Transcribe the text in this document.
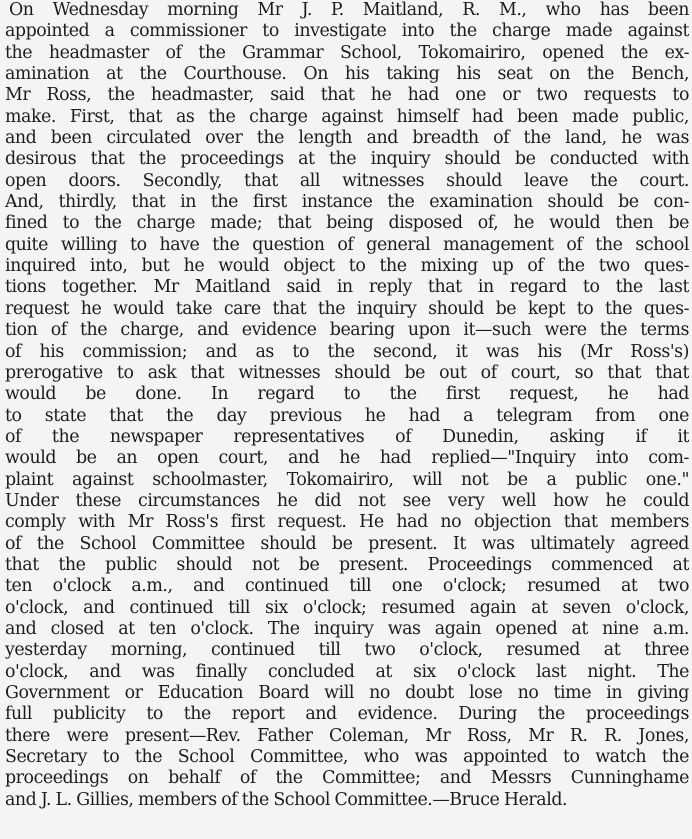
On Wednesday morning Mr J. P. Maitland, R. M., who has been
appointed a commissioner to investigate into the charge made against
the headmaster of the Grammar School, Tokomairiro, opened the ex-
amination at the Courthouse. On his taking his seat on the Bench,
Mr Ross, the headmaster, said that he had one or two requests to
make. First, that as the charge against himself had been made public,
and been circulated over the length and breadth of the land, he was
desirous that the proceedings at the inquiry should be conducted with
open doors. Secondly, that all witnesses should leave the court.
And, thirdly, that in the first instance the examination should be con-
fined to the charge made; that being disposed of, he would then be
quite willing to have the question of general management of the school
inquired into, but he would object to the mixing up of the two ques-
tions together. Mr Maitland said in reply that in regard to the last
request he would take care that the inquiry should be kept to the ques-
tion of the charge, and evidence bearing upon it—such were the terms
of his commission; and as to the second, it was his (Mr Ross's)
prerogative to ask that witnesses should be out of court, so that that
would be done. In regard to the first request, he had
to state that the day previous he had a telegram from one
of the newspaper representatives of Dunedin, asking if it
would be an open court, and he had replied—"Inquiry into com-
plaint against schoolmaster, Tokomairiro, will not be a public one."
Under these circumstances he did not see very well how he could
comply with Mr Ross's first request. He had no objection that members
of the School Committee should be present. It was ultimately agreed
that the public should not be present. Proceedings commenced at
ten o'clock a.m., and continued till one o'clock; resumed at two
o'clock, and continued till six o'clock; resumed again at seven o'clock,
and closed at ten o'clock. The inquiry was again opened at nine a.m.
yesterday morning, continued till two o'clock, resumed at three
o'clock, and was finally concluded at six o'clock last night. The
Government or Education Board will no doubt lose no time in giving
full publicity to the report and evidence. During the proceedings
there were present—Rev. Father Coleman, Mr Ross, Mr R. R. Jones,
Secretary to the School Committee, who was appointed to watch the
proceedings on behalf of the Committee; and Messrs Cunninghame
and J. L. Gillies, members of the School Committee.—Bruce Herald.
